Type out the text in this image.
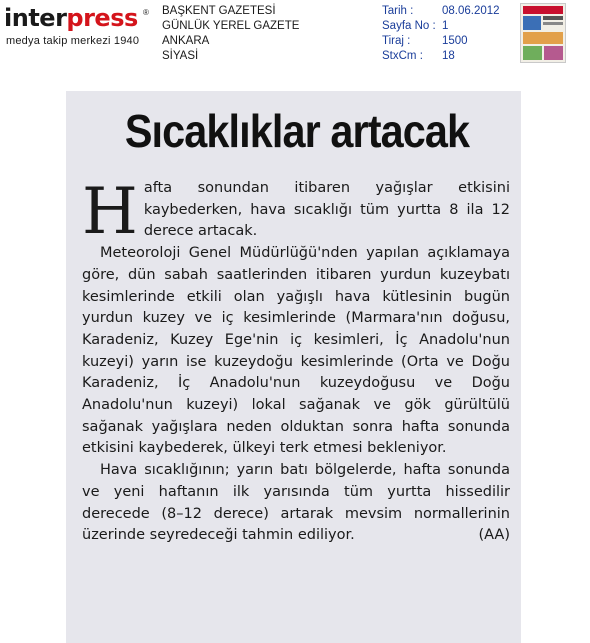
interpress ®
medya takip merkezi 1940
BAŞKENT GAZETESİ
GÜNLÜK YEREL GAZETE
ANKARA
SİYASİ
Tarih : 08.06.2012
Sayfa No : 1
Tiraj :	1500
StxCm : 18
Sıcaklıklar artacak

Hafta sonundan itibaren yağışlar etkisini kaybederken, hava sıcaklığı tüm yurtta 8 ila 12 derece artacak.

Meteoroloji Genel Müdürlüğü'nden yapılan açıklamaya göre, dün sabah saatlerinden itibaren yurdun kuzeybatı kesimlerinde etkili olan yağışlı hava kütlesinin bugün yurdun kuzey ve iç kesimlerinde (Marmara'nın doğusu, Karadeniz, Kuzey Ege'nin iç kesimleri, İç Anadolu'nun kuzeyi) yarın ise kuzeydoğu kesimlerinde (Orta ve Doğu Karadeniz, İç Anadolu'nun kuzeydoğusu ve Doğu Anadolu'nun kuzeyi) lokal sağanak ve gök gürültülü sağanak yağışlara neden olduktan sonra hafta sonunda etkisini kaybederek, ülkeyi terk etmesi bekleniyor.

Hava sıcaklığının; yarın batı bölgelerde, hafta sonunda ve yeni haftanın ilk yarısında tüm yurtta hissedilir derecede (8–12 derece) artarak mevsim normallerinin üzerinde seyredeceği tahmin ediliyor.	(AA)
